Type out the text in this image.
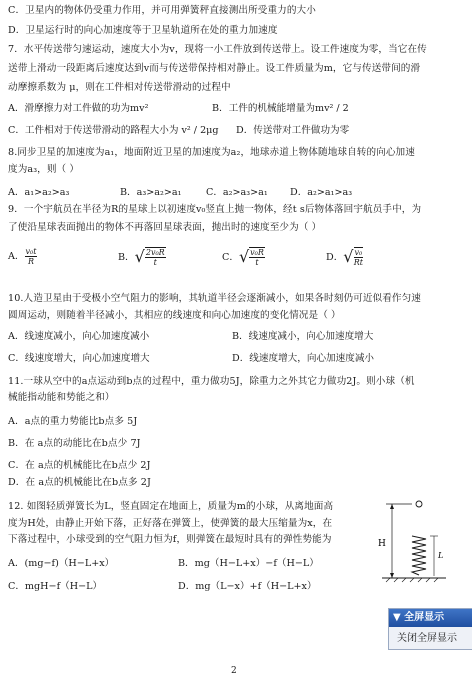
C．卫星内的物体仍受重力作用，并可用弹簧秤直接测出所受重力的大小
D．卫星运行时的向心加速度等于卫星轨道所在处的重力加速度
7．水平传送带匀速运动，速度大小为v，现将一小工件放到传送带上。设工件速度为零，当它在传
送带上滑动一段距离后速度达到v而与传送带保持相对静止。设工件质量为m，它与传送带间的滑
动摩擦系数为 μ，则在工件相对传送带滑动的过程中
8.同步卫星的加速度为a₁，地面附近卫星的加速度为a₂，地球赤道上物体随地球自转的向心加速
度为a₃，则（ ）
9．一个宇航员在半径为R的星球上以初速度v₀竖直上抛一物体，经t s后物体落回宇航员手中，为
了使沿星球表面抛出的物体不再落回星球表面，抛出时的速度至少为（ ）
10.人造卫星由于受极小空气阻力的影响，其轨道半径会逐渐减小，如果各时刻仍可近似看作匀速
圆周运动，则随着半径减小，其相应的线速度和向心加速度的变化情况是（ ）
11.一球从空中的a点运动到b点的过程中，重力做功5J，除重力之外其它力做功2J。则小球（机
械能指动能和势能之和）
A．a点的重力势能比b点多 5J
B．在 a点的动能比在b点少 7J
C．在 a点的机械能比在b点少 2J
D．在 a点的机械能比在b点多 2J
12. 如图轻质弹簧长为L，竖直固定在地面上，质量为m的小球，从离地面高
度为H处，由静止开始下落，正好落在弹簧上，使弹簧的最大压缩量为x，在
下落过程中，小球受到的空气阻力恒为f，则弹簧在最短时具有的弹性势能为
A．滑摩擦力对工件做的功为mv²	B．工件的机械能增量为mv² / 2
C．工件相对于传送带滑动的路程大小为 v² / 2μg D．传送带对工件做功为零
A．a₁>a₂>a₃	B．a₃>a₂>a₁	C．a₂>a₃>a₁ D．a₂>a₁>a₃
A．线速度减小，向心加速度减小	B．线速度减小，向心加速度增大
C．线速度增大，向心加速度增大	D．线速度增大，向心加速度减小
A．(mg−f)（H−L+x）	B．mg（H−L+x）−f（H−L）
C．mgH−f（H−L）	D．mg（L−x）+f（H−L+x）
A． $\frac{\text{v₀t}}{R}$	B． √ $\frac{\text{2v₀R}}{t}$	C． √ $\frac{\text{v₀R}}{t}$	D． √ $\frac{\text{v₀}}{Rt}$
H
L
2
▼ 全屏显示
关闭全屏显示
